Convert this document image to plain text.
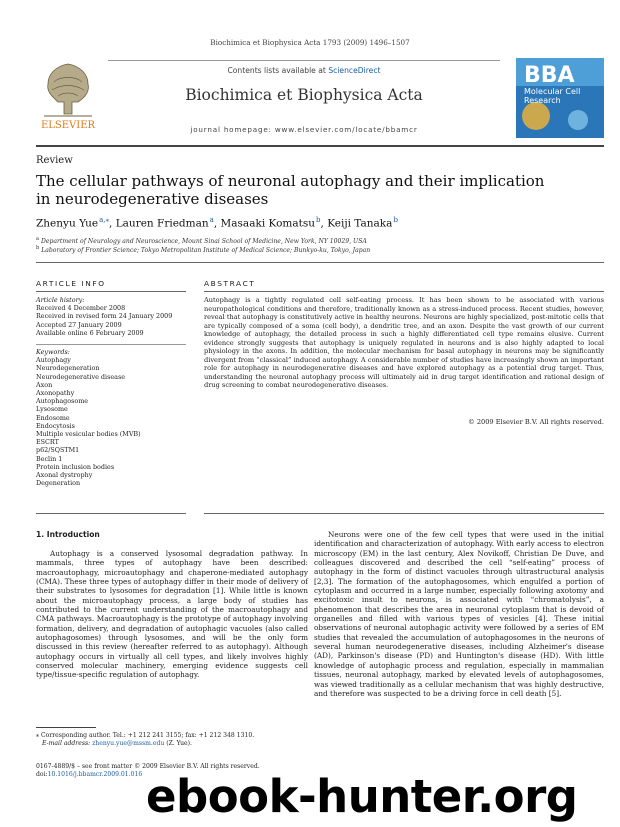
Biochimica et Biophysica Acta 1793 (2009) 1496–1507
ELSEVIER
Contents lists available at ScienceDirect
Biochimica et Biophysica Acta
journal homepage: www.elsevier.com/locate/bbamcr
BBA
Molecular Cell
Research
Review
The cellular pathways of neuronal autophagy and their implication in neurodegenerative diseases
Zhenyu Yue $^{a,⁎}$, Lauren Friedman $^a$, Masaaki Komatsu $^b$, Keiji Tanaka $^b$
$^a$ Department of Neurology and Neuroscience, Mount Sinai School of Medicine, New York, NY 10029, USA
$^b$ Laboratory of Frontier Science; Tokyo Metropolitan Institute of Medical Science; Bunkyo-ku, Tokyo, Japan
ARTICLE INFO	ABSTRACT
Article history:
Received 4 December 2008
Received in revised form 24 January 2009
Accepted 27 January 2009
Available online 6 February 2009
Keywords:
Autophagy
Neurodegeneration
Neurodegenerative disease
Axon
Axonopathy
Autophagosome
Lysosome
Endosome
Endocytosis
Multiple vesicular bodies (MVB)
ESCRT
p62/SQSTM1
Beclin 1
Protein inclusion bodies
Axonal dystrophy
Degeneration
Autophagy is a tightly regulated cell self-eating process. It has been shown to be associated with various neuropathological conditions and therefore, traditionally known as a stress-induced process. Recent studies, however, reveal that autophagy is constitutively active in healthy neurons. Neurons are highly specialized, post-mitotic cells that are typically composed of a soma (cell body), a dendritic tree, and an axon. Despite the vast growth of our current knowledge of autophagy, the detailed process in such a highly differentiated cell type remains elusive. Current evidence strongly suggests that autophagy is uniquely regulated in neurons and is also highly adapted to local physiology in the axons. In addition, the molecular mechanism for basal autophagy in neurons may be significantly divergent from “classical” induced autophagy. A considerable number of studies have increasingly shown an important role for autophagy in neurodegenerative diseases and have explored autophagy as a potential drug target. Thus, understanding the neuronal autophagy process will ultimately aid in drug target identification and rational design of drug screening to combat neurodegenerative diseases.
© 2009 Elsevier B.V. All rights reserved.
1. Introduction

Autophagy is a conserved lysosomal degradation pathway. In mammals, three types of autophagy have been described: macroautophagy, microautophagy and chaperone-mediated autophagy (CMA). These three types of autophagy differ in their mode of delivery of their substrates to lysosomes for degradation [1]. While little is known about the microautophagy process, a large body of studies has contributed to the current understanding of the macroautophagy and CMA pathways. Macroautophagy is the prototype of autophagy involving formation, delivery, and degradation of autophagic vacuoles (also called autophagosomes) through lysosomes, and will be the only form discussed in this review (hereafter referred to as autophagy). Although autophagy occurs in virtually all cell types, and likely involves highly conserved molecular machinery, emerging evidence suggests cell type/tissue-specific regulation of autophagy.

Neurons were one of the few cell types that were used in the initial identification and characterization of autophagy. With early access to electron microscopy (EM) in the last century, Alex Novikoff, Christian De Duve, and colleagues discovered and described the cell “self-eating” process of autophagy in the form of distinct vacuoles through ultrastructural analysis [2,3]. The formation of the autophagosomes, which engulfed a portion of cytoplasm and occurred in a large number, especially following axotomy and excitotoxic insult to neurons, is associated with “chromatolysis”, a phenomenon that describes the area in neuronal cytoplasm that is devoid of organelles and filled with various types of vesicles [4]. These initial observations of neuronal autophagic activity were followed by a series of EM studies that revealed the accumulation of autophagosomes in the neurons of several human neurodegenerative diseases, including Alzheimer's disease (AD), Parkinson's disease (PD) and Huntington's disease (HD). With little knowledge of autophagic process and regulation, especially in mammalian tissues, neuronal autophagy, marked by elevated levels of autophagosomes, was viewed traditionally as a cellular mechanism that was highly destructive, and therefore was suspected to be a driving force in cell death [5].

⁎ Corresponding author. Tel.: +1 212 241 3155; fax: +1 212 348 1310.
E-mail address: zhenyu.yue@mssm.edu (Z. Yue).
0167-4889/$ – see front matter © 2009 Elsevier B.V. All rights reserved.
doi:10.1016/j.bbamcr.2009.01.016 ebook-hunter.org
